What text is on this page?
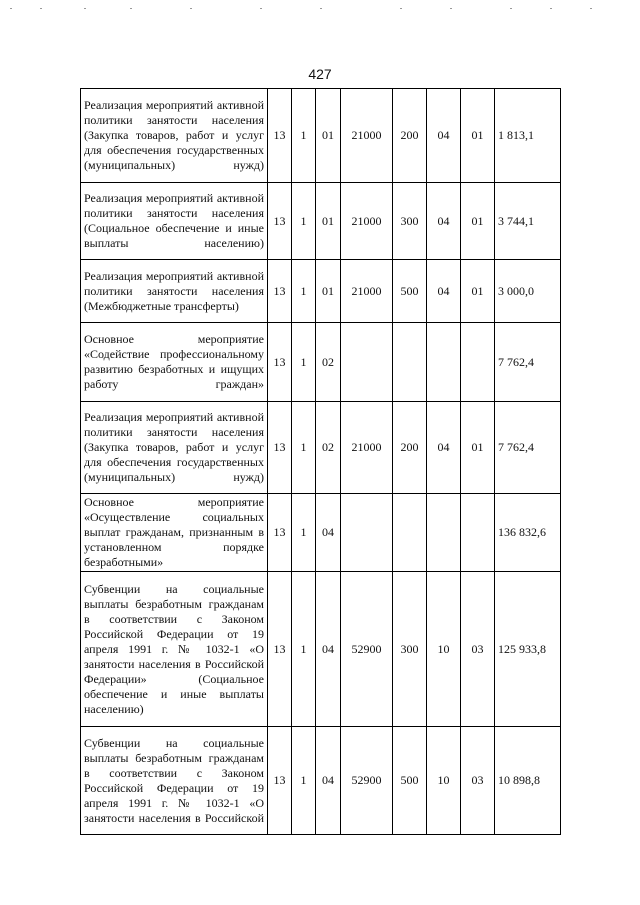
427
Реализация мероприятий активной политики занятости населения (Закупка товаров, работ и услуг для обеспечения государственных (муниципальных) нужд)	13	1	01	21000	200	04	01	1 813,1
Реализация мероприятий активной политики занятости населения (Социальное обеспечение и иные выплаты населению)	13	1	01	21000	300	04	01	3 744,1
Реализация мероприятий активной политики занятости населения (Межбюджетные трансферты)	13	1	01	21000	500	04	01	3 000,0
Основное мероприятие «Содействие профессиональному развитию безработных и ищущих работу граждан»	13	1	02					7 762,4
Реализация мероприятий активной политики занятости населения (Закупка товаров, работ и услуг для обеспечения государственных (муниципальных) нужд)	13	1	02	21000	200	04	01	7 762,4
Основное мероприятие «Осуществление социальных выплат гражданам, признанным в установленном порядке безработными»	13	1	04					136 832,6
Субвенции на социальные выплаты безработным гражданам в соответствии с Законом Российской Федерации от 19 апреля 1991 г. № 1032-1 «О занятости населения в Российской Федерации» (Социальное обеспечение и иные выплаты населению)	13	1	04	52900	300	10	03	125 933,8
Субвенции на социальные выплаты безработным гражданам в соответствии с Законом Российской Федерации от 19 апреля 1991 г. № 1032-1 «О занятости населения в Российской	13	1	04	52900	500	10	03	10 898,8
